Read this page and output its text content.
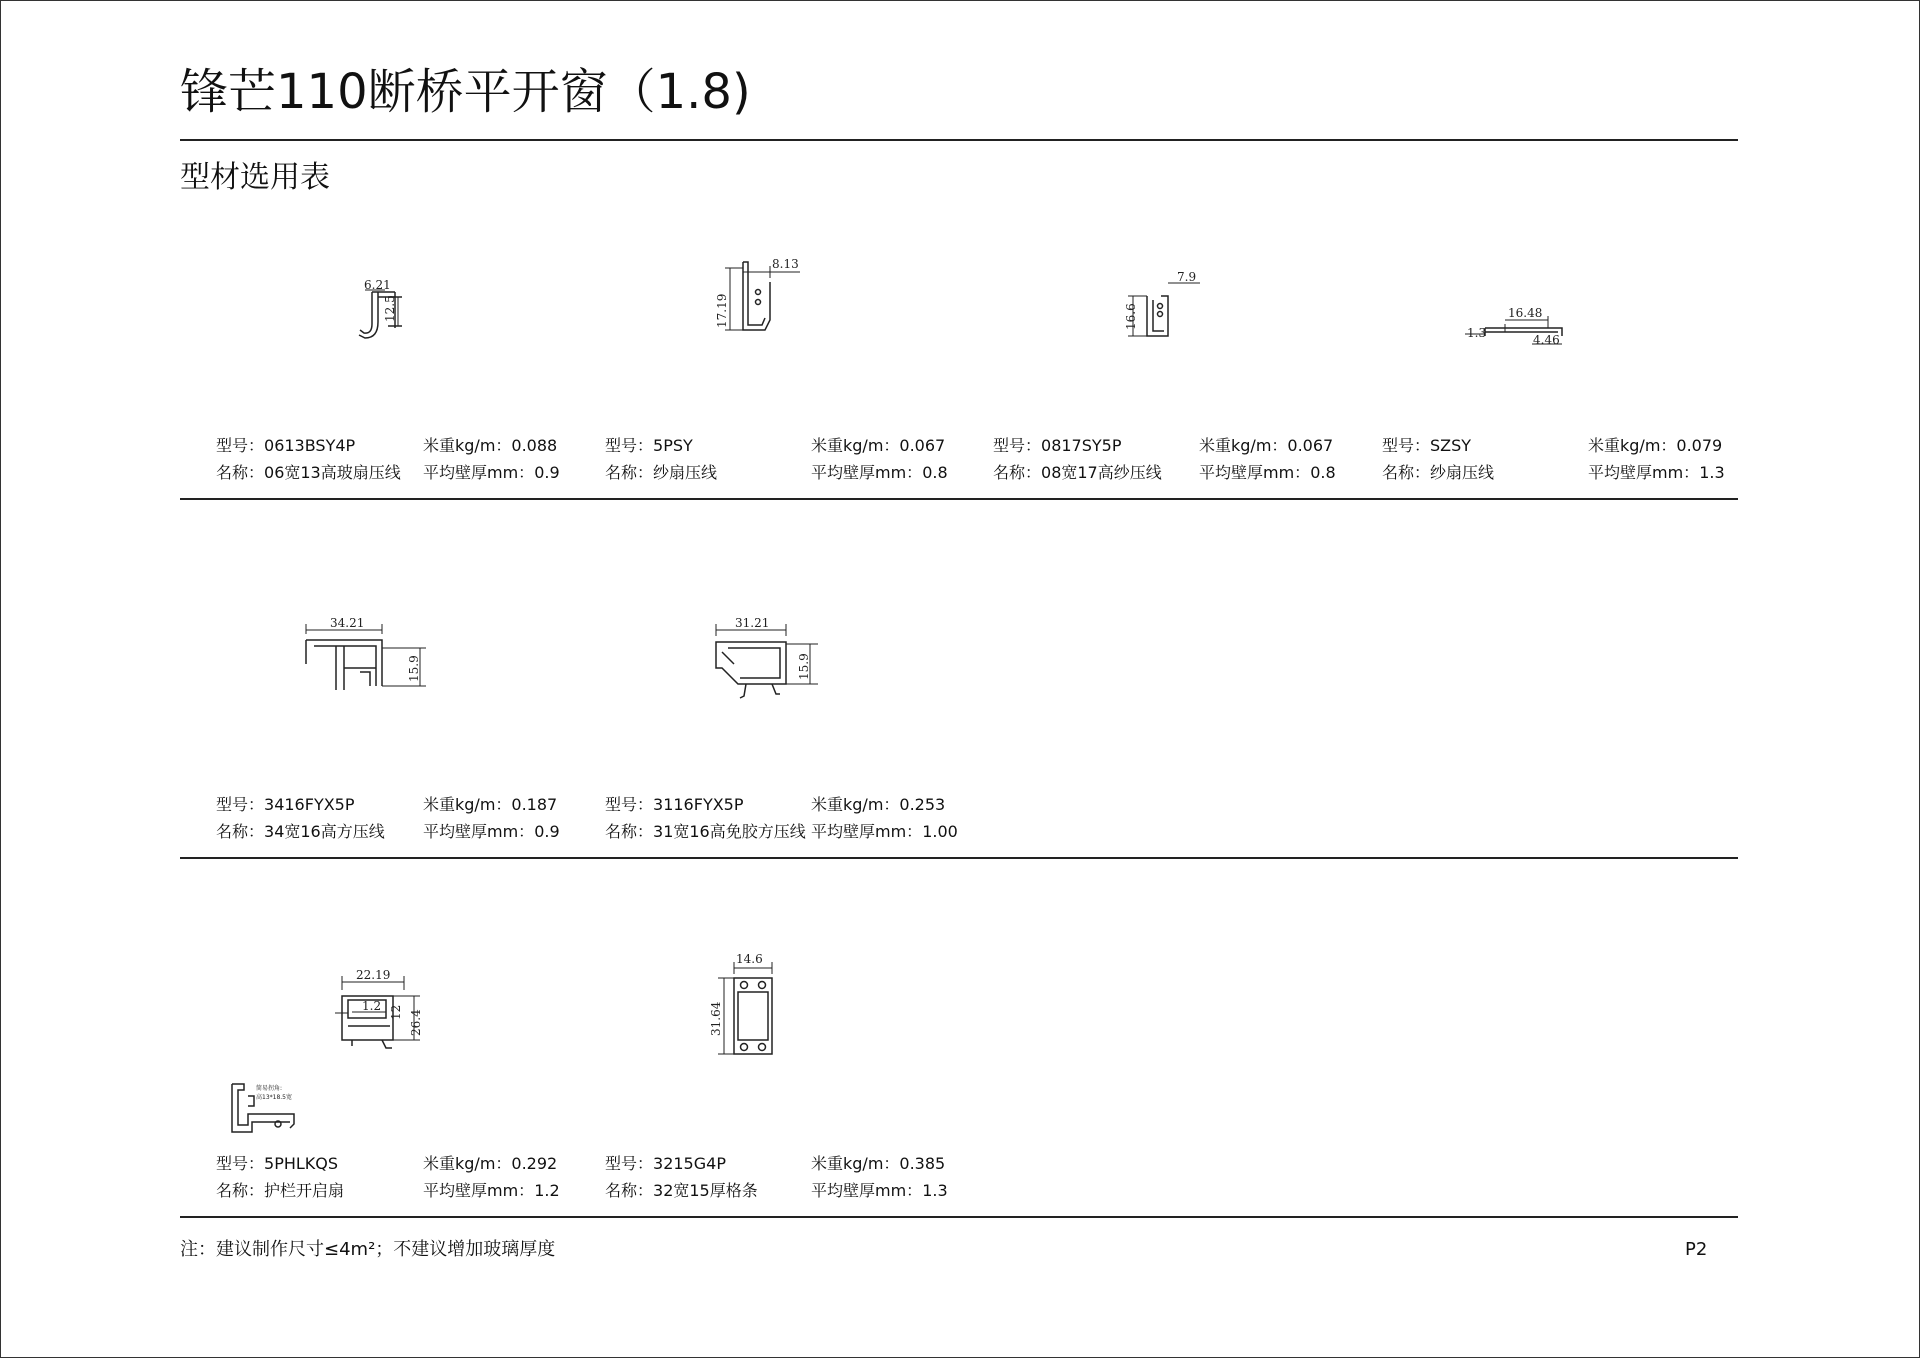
锋芒110断桥平开窗（1.8)
型材选用表
6.21
12.5
8.13
17.19
7.9
16.6	16.48
1.3	4.46
34.21
15.9
31.21
15.9
22.19
1.2 12 26.4
简易拐角:
高13*18.5宽
14.6
31.64
型号：0613BSY4P
名称：06宽13高玻扇压线
米重kg/m：0.088
平均壁厚mm：0.9
型号：5PSY
名称：纱扇压线
米重kg/m：0.067
平均壁厚mm：0.8
型号：0817SY5P
名称：08宽17高纱压线
米重kg/m：0.067
平均壁厚mm：0.8
型号：SZSY
名称：纱扇压线
米重kg/m：0.079
平均壁厚mm：1.3
型号：3416FYX5P
名称：34宽16高方压线
米重kg/m：0.187
平均壁厚mm：0.9
型号：3116FYX5P
名称：31宽16高免胶方压线
米重kg/m：0.253
平均壁厚mm：1.00
型号：5PHLKQS
名称：护栏开启扇
米重kg/m：0.292
平均壁厚mm：1.2
型号：3215G4P
名称：32宽15厚格条
米重kg/m：0.385
平均壁厚mm：1.3
注：建议制作尺寸≤4m²；不建议增加玻璃厚度	P2
